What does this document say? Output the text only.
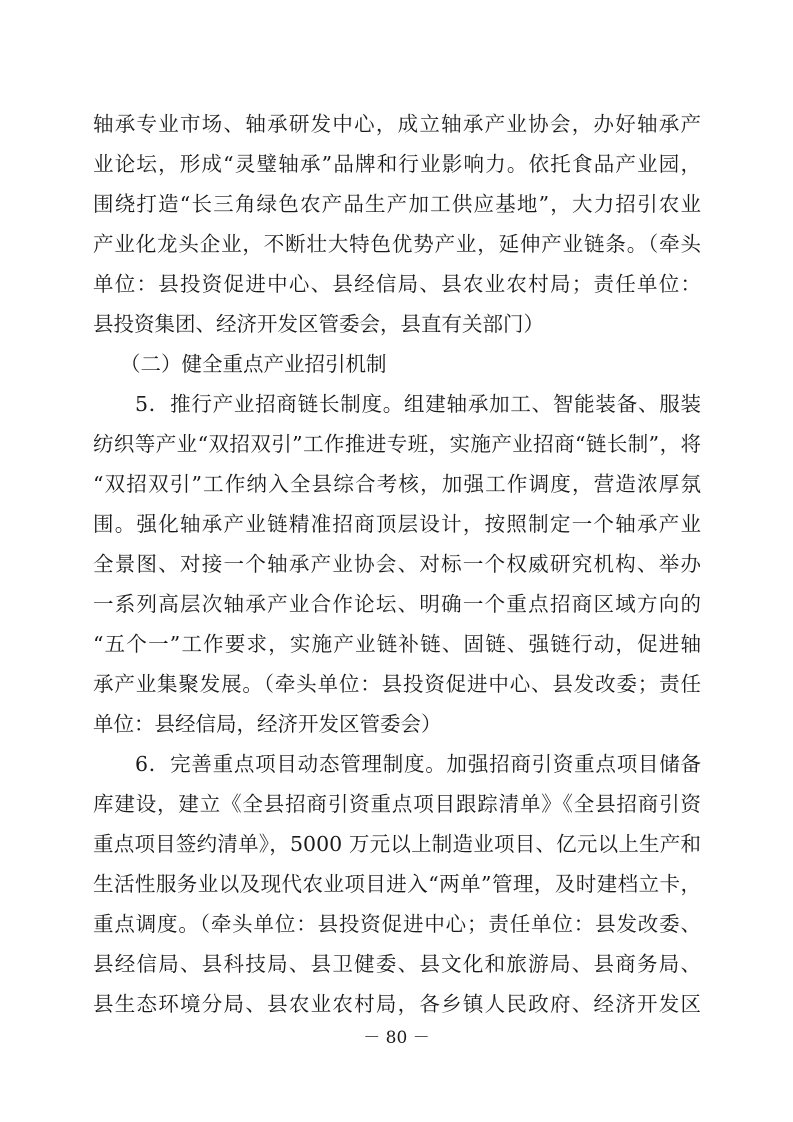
轴承专业市场、轴承研发中心，成立轴承产业协会，办好轴承产
业论坛，形成“灵璧轴承”品牌和行业影响力。依托食品产业园，
围绕打造“长三角绿色农产品生产加工供应基地”，大力招引农业
产业化龙头企业，不断壮大特色优势产业，延伸产业链条。（牵头
单位：县投资促进中心、县经信局、县农业农村局；责任单位：
县投资集团、经济开发区管委会，县直有关部门）
（二）健全重点产业招引机制
5．推行产业招商链长制度。组建轴承加工、智能装备、服装
纺织等产业“双招双引”工作推进专班，实施产业招商“链长制”，将
“双招双引”工作纳入全县综合考核，加强工作调度，营造浓厚氛
围。强化轴承产业链精准招商顶层设计，按照制定一个轴承产业
全景图、对接一个轴承产业协会、对标一个权威研究机构、举办
一系列高层次轴承产业合作论坛、明确一个重点招商区域方向的
“五个一”工作要求，实施产业链补链、固链、强链行动，促进轴
承产业集聚发展。（牵头单位：县投资促进中心、县发改委；责任
单位：县经信局，经济开发区管委会）
6．完善重点项目动态管理制度。加强招商引资重点项目储备
库建设，建立《全县招商引资重点项目跟踪清单》《全县招商引资
重点项目签约清单》，5000 万元以上制造业项目、亿元以上生产和
生活性服务业以及现代农业项目进入“两单”管理，及时建档立卡，
重点调度。（牵头单位：县投资促进中心；责任单位：县发改委、
县经信局、县科技局、县卫健委、县文化和旅游局、县商务局、
县生态环境分局、县农业农村局，各乡镇人民政府、经济开发区
－ 80 －
